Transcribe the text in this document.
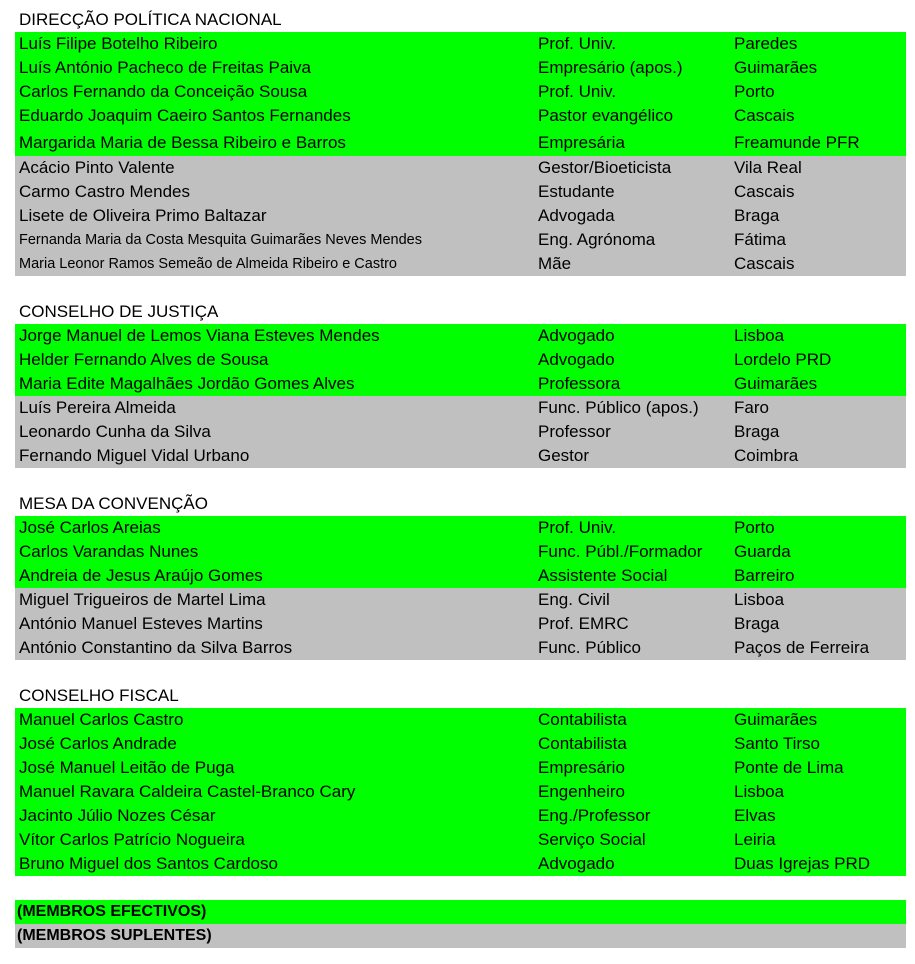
DIRECÇÃO POLÍTICA NACIONAL
Luís Filipe Botelho Ribeiro	Prof. Univ.	Paredes
Luís António Pacheco de Freitas Paiva	Empresário (apos.)	Guimarães
Carlos Fernando da Conceição Sousa	Prof. Univ.	Porto
Eduardo Joaquim Caeiro Santos Fernandes	Pastor evangélico	Cascais
Margarida Maria de Bessa Ribeiro e Barros	Empresária	Freamunde PFR
Acácio Pinto Valente	Gestor/Bioeticista	Vila Real
Carmo Castro Mendes	Estudante	Cascais
Lisete de Oliveira Primo Baltazar	Advogada	Braga
Fernanda Maria da Costa Mesquita Guimarães Neves Mendes	Eng. Agrónoma	Fátima
Maria Leonor Ramos Semeão de Almeida Ribeiro e Castro	Mãe	Cascais
CONSELHO DE JUSTIÇA
Jorge Manuel de Lemos Viana Esteves Mendes	Advogado	Lisboa
Helder Fernando Alves de Sousa	Advogado	Lordelo PRD
Maria Edite Magalhães Jordão Gomes Alves	Professora	Guimarães
Luís Pereira Almeida	Func. Público (apos.)	Faro
Leonardo Cunha da Silva	Professor	Braga
Fernando Miguel Vidal Urbano	Gestor	Coimbra
MESA DA CONVENÇÃO
José Carlos Areias	Prof. Univ.	Porto
Carlos Varandas Nunes	Func. Públ./Formador	Guarda
Andreia de Jesus Araújo Gomes	Assistente Social	Barreiro
Miguel Trigueiros de Martel Lima	Eng. Civil	Lisboa
António Manuel Esteves Martins	Prof. EMRC	Braga
António Constantino da Silva Barros	Func. Público	Paços de Ferreira
CONSELHO FISCAL
Manuel Carlos Castro	Contabilista	Guimarães
José Carlos Andrade	Contabilista	Santo Tirso
José Manuel Leitão de Puga	Empresário	Ponte de Lima
Manuel Ravara Caldeira Castel-Branco Cary	Engenheiro	Lisboa
Jacinto Júlio Nozes César	Eng./Professor	Elvas
Vítor Carlos Patrício Nogueira	Serviço Social	Leiria
Bruno Miguel dos Santos Cardoso	Advogado	Duas Igrejas PRD
(MEMBROS EFECTIVOS)
(MEMBROS SUPLENTES)
